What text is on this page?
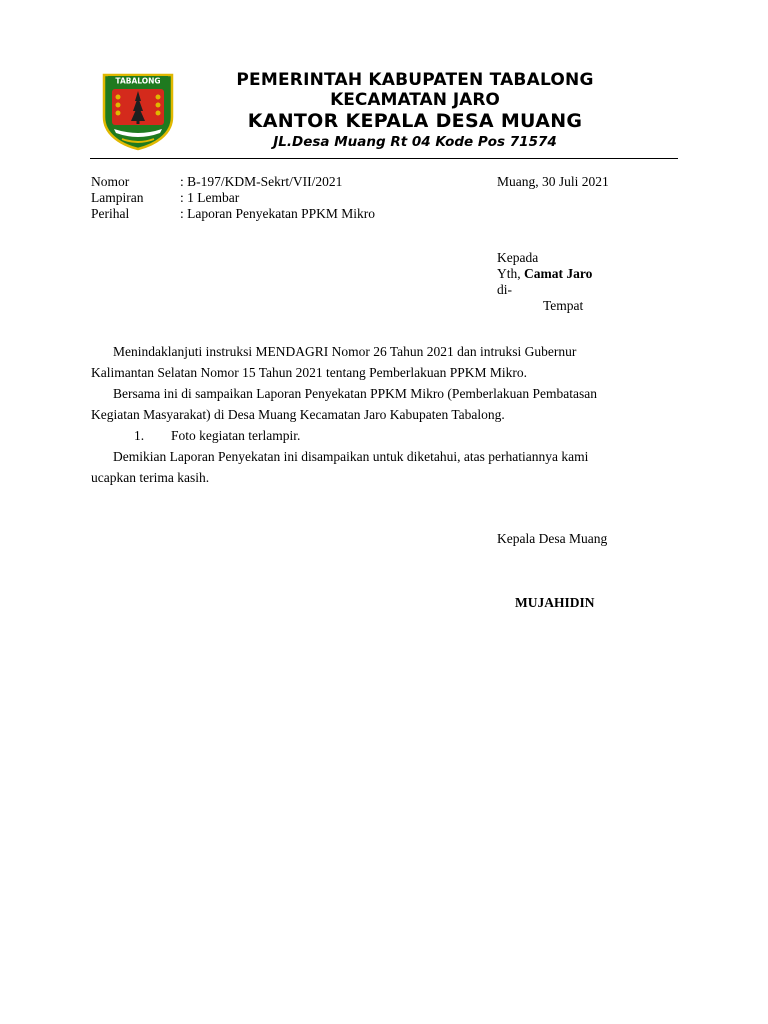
TABALONG	PEMERINTAH KABUPATEN TABALONG
KECAMATAN JARO
KANTOR KEPALA DESA MUANG
JL.Desa Muang Rt 04 Kode Pos 71574
Nomor	: B-197/KDM-Sekrt/VII/2021
Lampiran	: 1 Lembar
Perihal	: Laporan Penyekatan PPKM Mikro
Muang, 30 Juli 2021
Kepada
Yth, Camat Jaro
di-
Tempat

Menindaklanjuti instruksi MENDAGRI Nomor 26 Tahun 2021 dan intruksi Gubernur

Kalimantan Selatan Nomor 15 Tahun 2021 tentang Pemberlakuan PPKM Mikro.

Bersama ini di sampaikan Laporan Penyekatan PPKM Mikro (Pemberlakuan Pembatasan

Kegiatan Masyarakat) di Desa Muang Kecamatan Jaro Kabupaten Tabalong.

1.	Foto kegiatan terlampir.

Demikian Laporan Penyekatan ini disampaikan untuk diketahui, atas perhatiannya kami

ucapkan terima kasih.

Kepala Desa Muang
MUJAHIDIN
